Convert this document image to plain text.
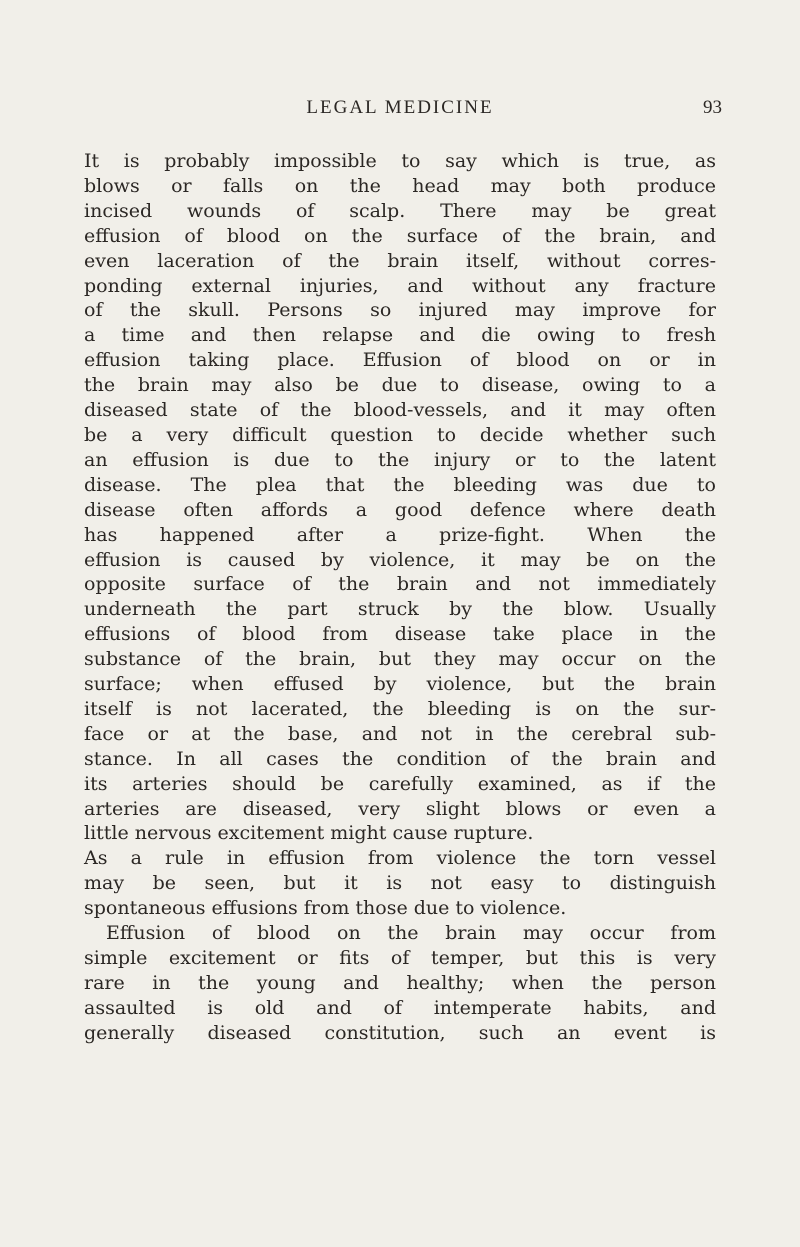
LEGAL MEDICINE	93
It is probably impossible to say which is true, as
blows or falls on the head may both produce
incised wounds of scalp. There may be great
effusion of blood on the surface of the brain, and
even laceration of the brain itself, without corres-
ponding external injuries, and without any fracture
of the skull. Persons so injured may improve for
a time and then relapse and die owing to fresh
effusion taking place. Effusion of blood on or in
the brain may also be due to disease, owing to a
diseased state of the blood-vessels, and it may often
be a very difficult question to decide whether such
an effusion is due to the injury or to the latent
disease. The plea that the bleeding was due to
disease often affords a good defence where death
has happened after a prize-fight. When the
effusion is caused by violence, it may be on the
opposite surface of the brain and not immediately
underneath the part struck by the blow. Usually
effusions of blood from disease take place in the
substance of the brain, but they may occur on the
surface; when effused by violence, but the brain
itself is not lacerated, the bleeding is on the sur-
face or at the base, and not in the cerebral sub-
stance. In all cases the condition of the brain and
its arteries should be carefully examined, as if the
arteries are diseased, very slight blows or even a
little nervous excitement might cause rupture.
As a rule in effusion from violence the torn vessel
may be seen, but it is not easy to distinguish
spontaneous effusions from those due to violence.
Effusion of blood on the brain may occur from
simple excitement or fits of temper, but this is very
rare in the young and healthy; when the person
assaulted is old and of intemperate habits, and
generally diseased constitution, such an event is
